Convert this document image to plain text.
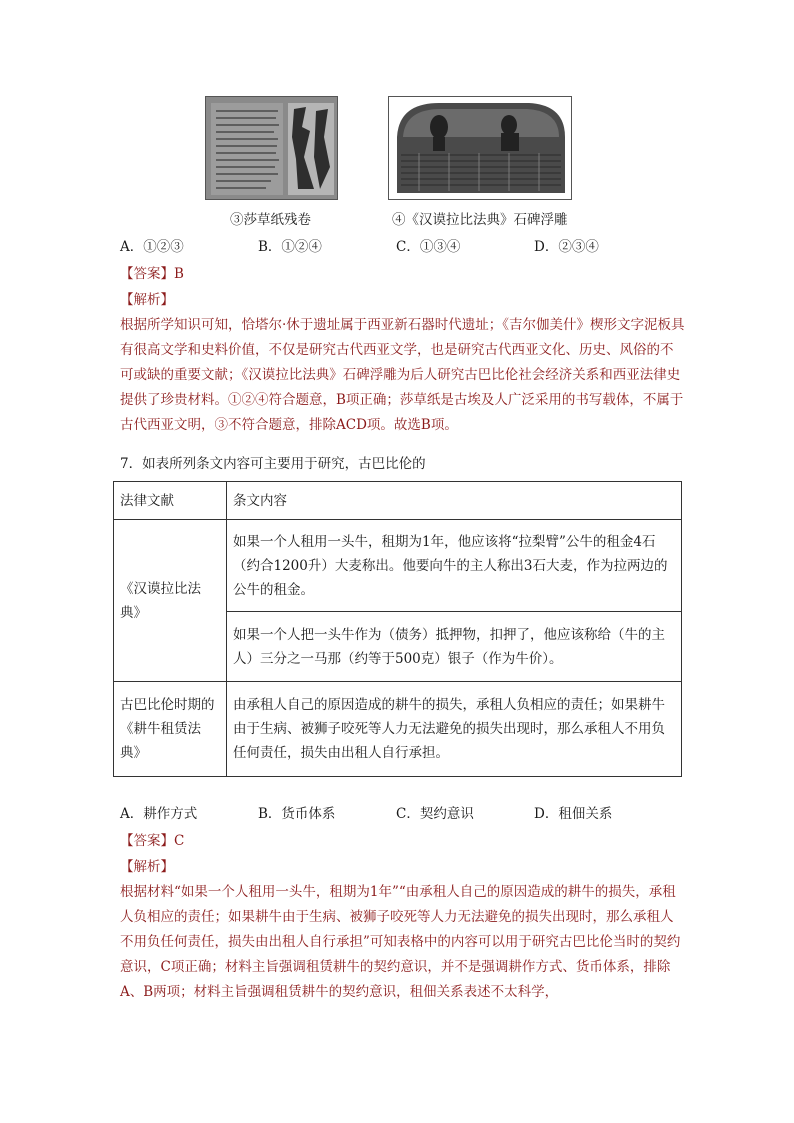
③莎草纸残卷	④《汉谟拉比法典》石碑浮雕
A．①②③	B．①②④	C．①③④	D．②③④
【答案】B
【解析】
根据所学知识可知，恰塔尔·休于遗址属于西亚新石器时代遗址；《吉尔伽美什》楔形文字泥板具有很高文学和史料价值，不仅是研究古代西亚文学，也是研究古代西亚文化、历史、风俗的不可或缺的重要文献；《汉谟拉比法典》石碑浮雕为后人研究古巴比伦社会经济关系和西亚法律史提供了珍贵材料。①②④符合题意，B项正确；莎草纸是古埃及人广泛采用的书写载体，不属于古代西亚文明，③不符合题意，排除ACD项。故选B项。
7．如表所列条文内容可主要用于研究，古巴比伦的
法律文献	条文内容
《汉谟拉比法典》	如果一个人租用一头牛，租期为1年，他应该将“拉梨臂”公牛的租金4石（约合1200升）大麦称出。他要向牛的主人称出3石大麦，作为拉两边的公牛的租金。
	如果一个人把一头牛作为（债务）抵押物，扣押了，他应该称给（牛的主人）三分之一马那（约等于500克）银子（作为牛价）。
古巴比伦时期的《耕牛租赁法典》	由承租人自己的原因造成的耕牛的损失，承租人负相应的责任；如果耕牛由于生病、被狮子咬死等人力无法避免的损失出现时，那么承租人不用负任何责任，损失由出租人自行承担。
A．耕作方式	B．货币体系	C．契约意识	D．租佃关系
【答案】C
【解析】
根据材料“如果一个人租用一头牛，租期为1年”“由承租人自己的原因造成的耕牛的损失，承租人负相应的责任；如果耕牛由于生病、被狮子咬死等人力无法避免的损失出现时，那么承租人不用负任何责任，损失由出租人自行承担”可知表格中的内容可以用于研究古巴比伦当时的契约意识，C项正确；材料主旨强调租赁耕牛的契约意识，并不是强调耕作方式、货币体系，排除A、B两项；材料主旨强调租赁耕牛的契约意识，租佃关系表述不太科学，
